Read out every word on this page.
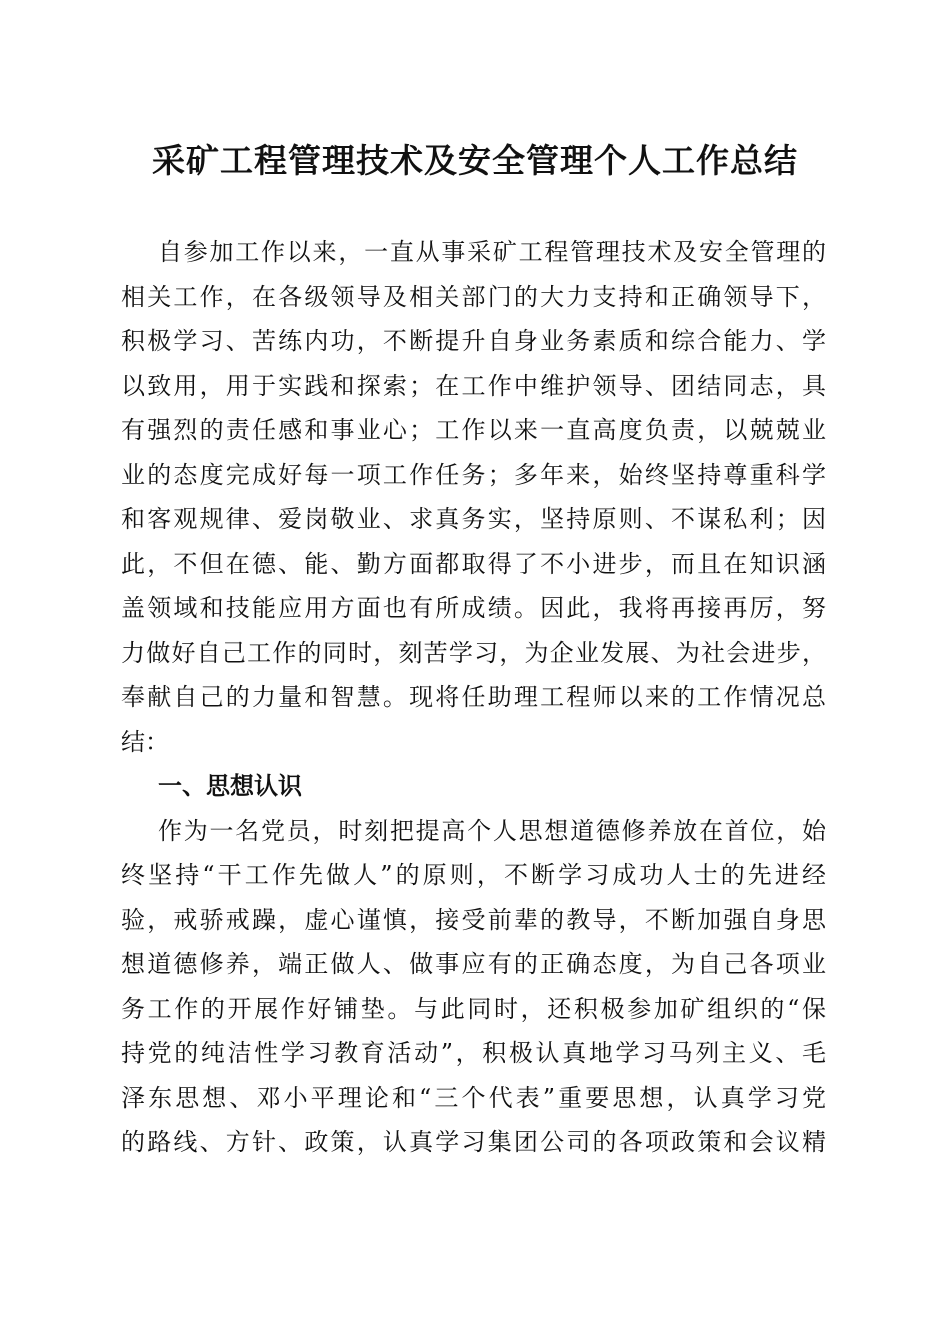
采矿工程管理技术及安全管理个人工作总结

自参加工作以来，一直从事采矿工程管理技术及安全管理的

相关工作，在各级领导及相关部门的大力支持和正确领导下，

积极学习、苦练内功，不断提升自身业务素质和综合能力、学

以致用，用于实践和探索；在工作中维护领导、团结同志，具

有强烈的责任感和事业心；工作以来一直高度负责，以兢兢业

业的态度完成好每一项工作任务；多年来，始终坚持尊重科学

和客观规律、爱岗敬业、求真务实，坚持原则、不谋私利；因

此，不但在德、能、勤方面都取得了不小进步，而且在知识涵

盖领域和技能应用方面也有所成绩。因此，我将再接再厉，努

力做好自己工作的同时，刻苦学习，为企业发展、为社会进步，

奉献自己的力量和智慧。现将任助理工程师以来的工作情况总

结：

一、思想认识

作为一名党员，时刻把提高个人思想道德修养放在首位，始

终坚持“干工作先做人”的原则，不断学习成功人士的先进经

验，戒骄戒躁，虚心谨慎，接受前辈的教导，不断加强自身思

想道德修养，端正做人、做事应有的正确态度，为自己各项业

务工作的开展作好铺垫。与此同时，还积极参加矿组织的“保

持党的纯洁性学习教育活动”，积极认真地学习马列主义、毛

泽东思想、邓小平理论和“三个代表”重要思想，认真学习党

的路线、方针、政策，认真学习集团公司的各项政策和会议精
